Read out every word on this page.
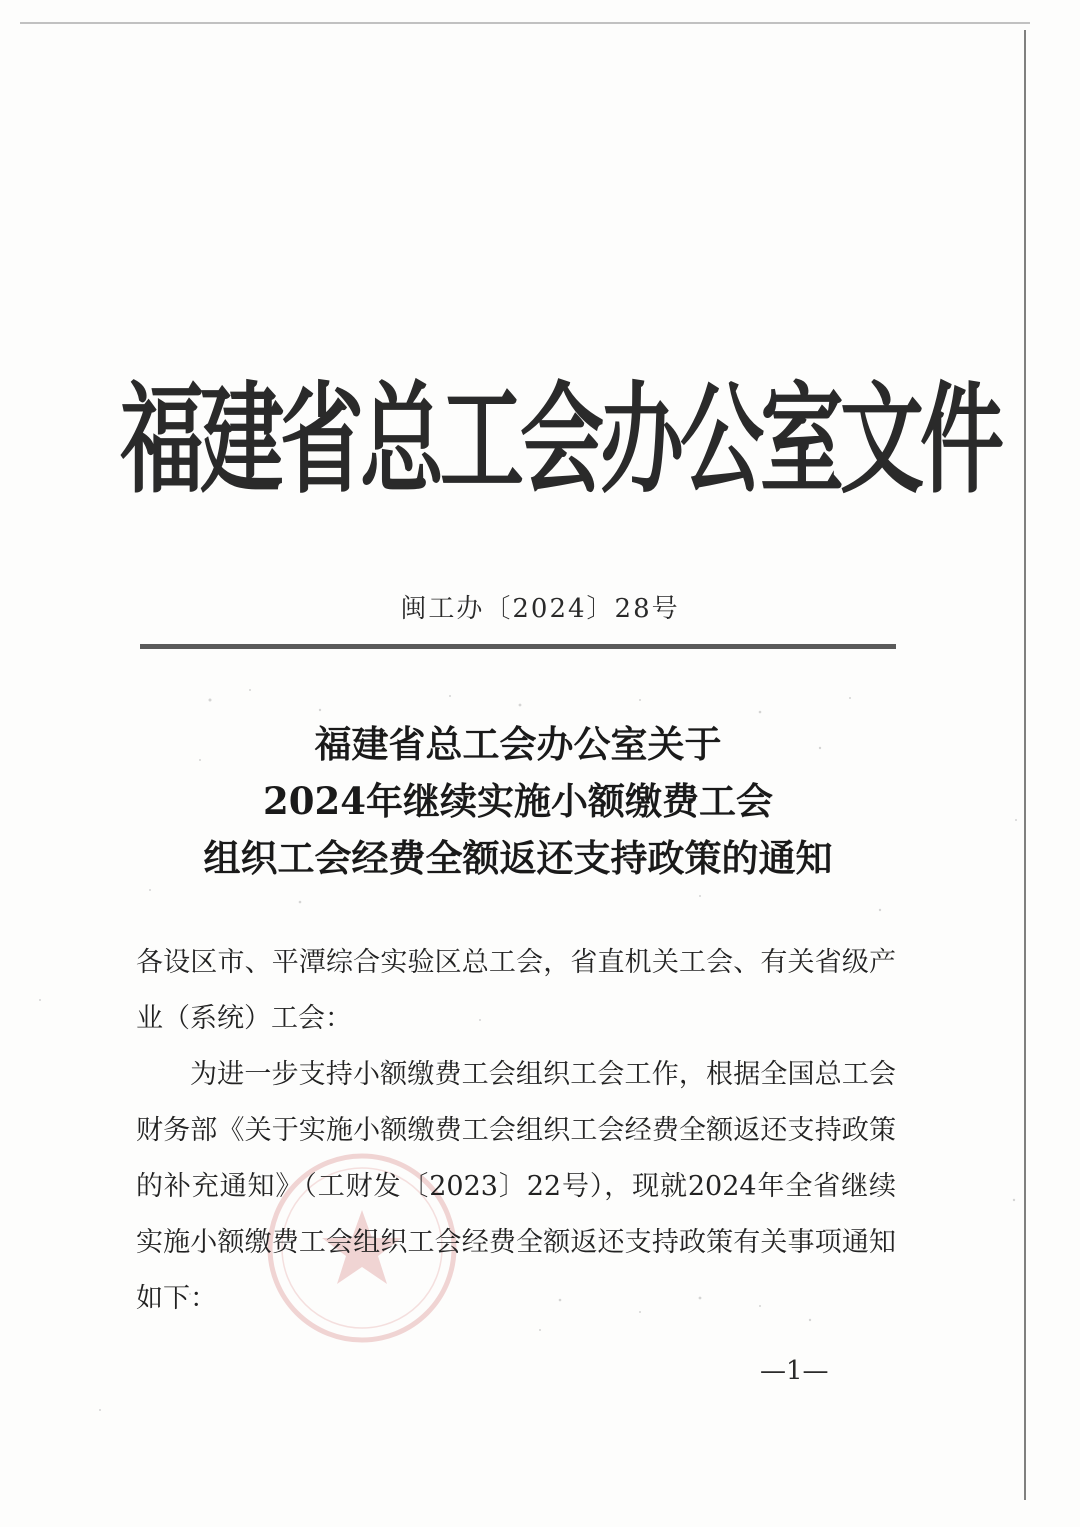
福建省总工会办公室文件
闽工办〔2024〕28号
福建省总工会办公室关于
2024年继续实施小额缴费工会
组织工会经费全额返还支持政策的通知

各设区市、平潭综合实验区总工会，省直机关工会、有关省级产业（系统）工会：

为进一步支持小额缴费工会组织工会工作，根据全国总工会财务部《关于实施小额缴费工会组织工会经费全额返还支持政策的补充通知》（工财发〔2023〕22号），现就2024年全省继续实施小额缴费工会组织工会经费全额返还支持政策有关事项通知如下：

—1—
